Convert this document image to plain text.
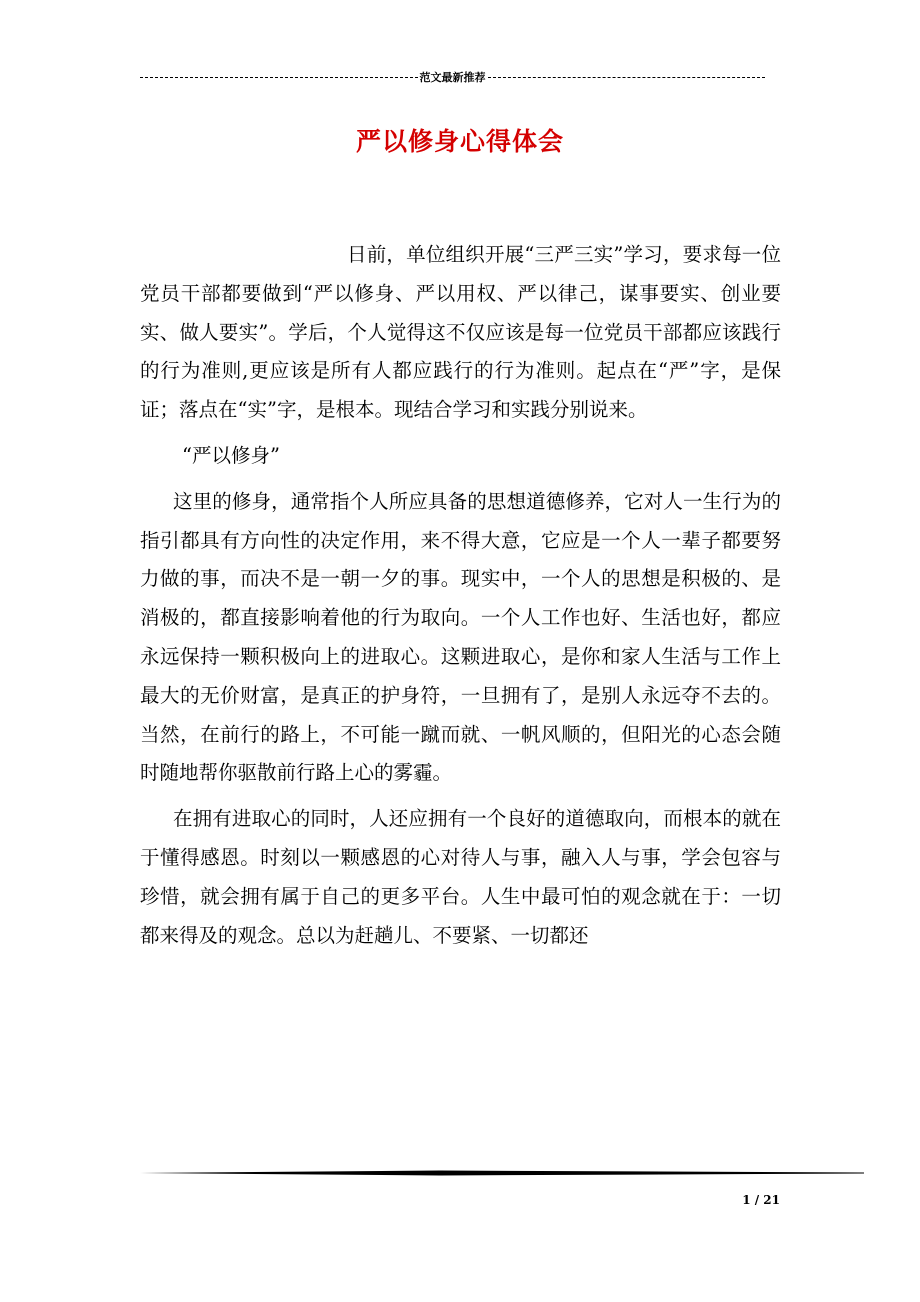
范文最新推荐
严以修身心得体会

日前，单位组织开展“三严三实”学习，要求每一位党员干部都要做到“严以修身、严以用权、严以律己，谋事要实、创业要实、做人要实”。学后，个人觉得这不仅应该是每一位党员干部都应该践行的行为准则,更应该是所有人都应践行的行为准则。起点在“严”字，是保证；落点在“实”字，是根本。现结合学习和实践分别说来。

“严以修身”

这里的修身，通常指个人所应具备的思想道德修养，它对人一生行为的指引都具有方向性的决定作用，来不得大意，它应是一个人一辈子都要努力做的事，而决不是一朝一夕的事。现实中，一个人的思想是积极的、是消极的，都直接影响着他的行为取向。一个人工作也好、生活也好，都应永远保持一颗积极向上的进取心。这颗进取心，是你和家人生活与工作上最大的无价财富，是真正的护身符，一旦拥有了，是别人永远夺不去的。当然，在前行的路上，不可能一蹴而就、一帆风顺的，但阳光的心态会随时随地帮你驱散前行路上心的雾霾。

在拥有进取心的同时，人还应拥有一个良好的道德取向，而根本的就在于懂得感恩。时刻以一颗感恩的心对待人与事，融入人与事，学会包容与珍惜，就会拥有属于自己的更多平台。人生中最可怕的观念就在于：一切都来得及的观念。总以为赶趟儿、不要紧、一切都还

1 / 21
